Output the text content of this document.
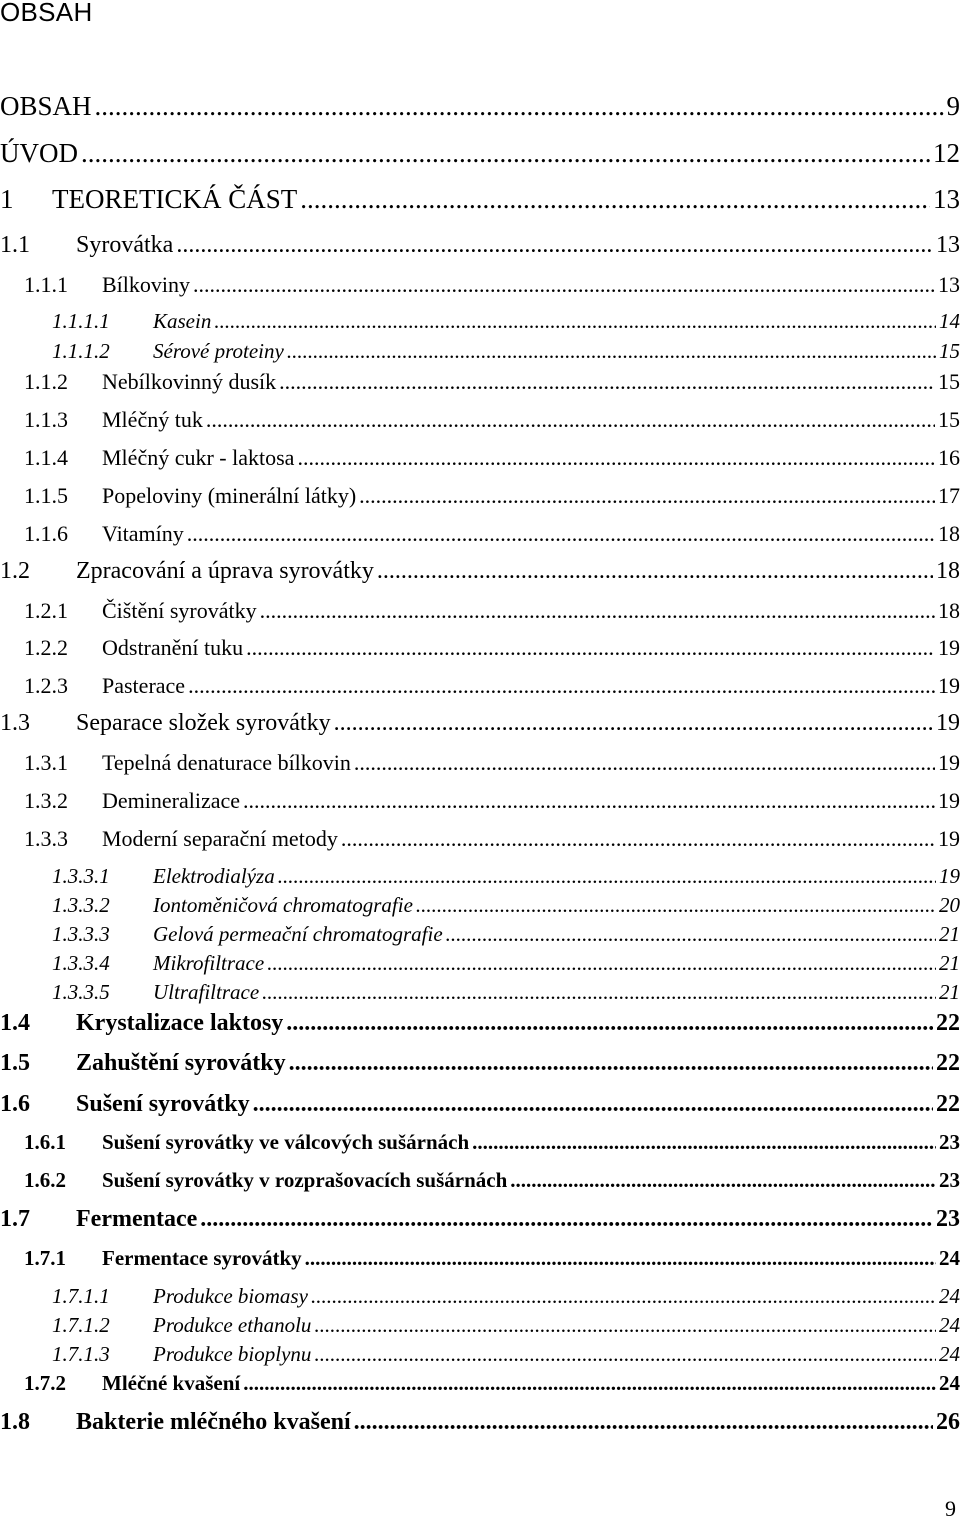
OBSAH
OBSAH .....	9
ÚVOD .....	12
1	TEORETICKÁ ČÁST .....	13
1.1	Syrovátka .....	13
1.1.1	Bílkoviny .....	13
1.1.1.1	Kasein .....	14
1.1.1.2	Sérové proteiny .....	15
1.1.2	Nebílkovinný dusík .....	15
1.1.3	Mléčný tuk .....	15
1.1.4	Mléčný cukr - laktosa .....	16
1.1.5	Popeloviny (minerální látky) .....	17
1.1.6	Vitamíny .....	18
1.2	Zpracování a úprava syrovátky .....	18
1.2.1	Čištění syrovátky .....	18
1.2.2	Odstranění tuku .....	19
1.2.3	Pasterace .....	19
1.3	Separace složek syrovátky .....	19
1.3.1	Tepelná denaturace bílkovin .....	19
1.3.2	Demineralizace .....	19
1.3.3	Moderní separační metody .....	19
1.3.3.1	Elektrodialýza .....	19
1.3.3.2	Iontoměničová chromatografie .....	20
1.3.3.3	Gelová permeační chromatografie .....	21
1.3.3.4	Mikrofiltrace .....	21
1.3.3.5	Ultrafiltrace .....	21
1.4	Krystalizace laktosy .....	22
1.5	Zahuštění syrovátky .....	22
1.6	Sušení syrovátky .....	22
1.6.1	Sušení syrovátky ve válcových sušárnách .....	23
1.6.2	Sušení syrovátky v rozprašovacích sušárnách .....	23
1.7	Fermentace .....	23
1.7.1	Fermentace syrovátky .....	24
1.7.1.1	Produkce biomasy .....	24
1.7.1.2	Produkce ethanolu .....	24
1.7.1.3	Produkce bioplynu .....	24
1.7.2	Mléčné kvašení .....	24
1.8	Bakterie mléčného kvašení .....	26
9
